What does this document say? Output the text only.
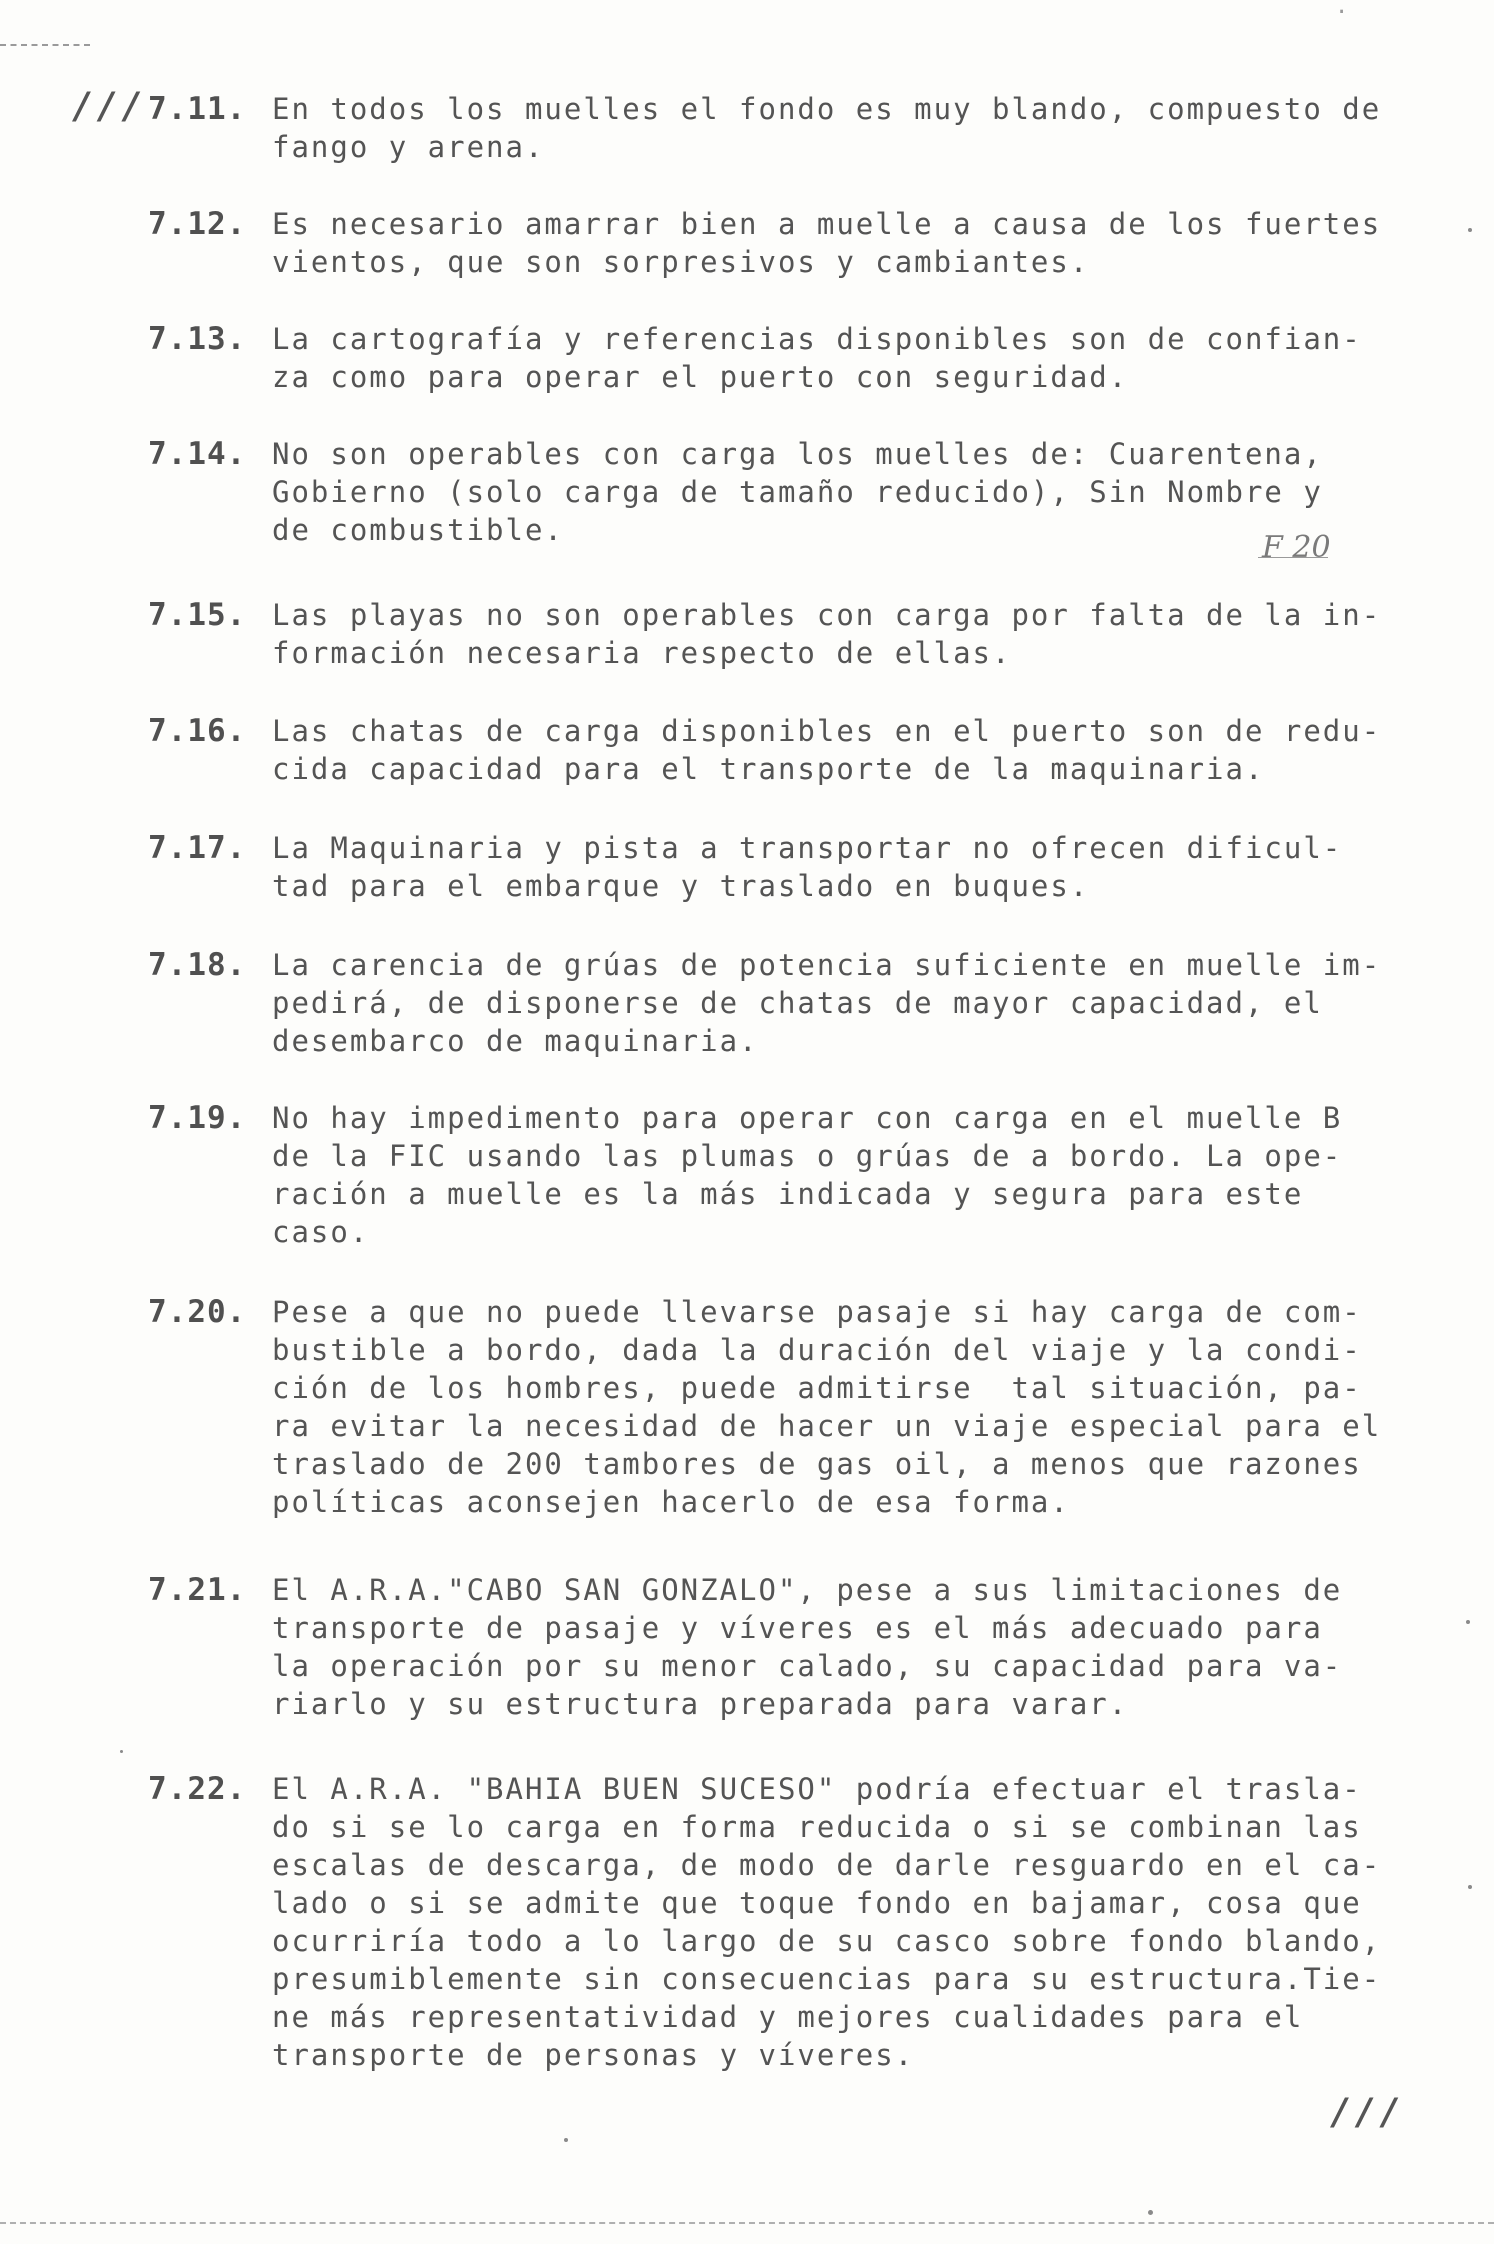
·
/// 7.11. En todos los muelles el fondo es muy blando, compuesto de
fango y arena.
7.12. Es necesario amarrar bien a muelle a causa de los fuertes
vientos, que son sorpresivos y cambiantes.
7.13. La cartografía y referencias disponibles son de confian-
za como para operar el puerto con seguridad.
7.14. No son operables con carga los muelles de: Cuarentena,
Gobierno (solo carga de tamaño reducido), Sin Nombre y
de combustible.	F 20
7.15. Las playas no son operables con carga por falta de la in-
formación necesaria respecto de ellas.
7.16. Las chatas de carga disponibles en el puerto son de redu-
cida capacidad para el transporte de la maquinaria.
7.17. La Maquinaria y pista a transportar no ofrecen dificul-
tad para el embarque y traslado en buques.
7.18. La carencia de grúas de potencia suficiente en muelle im-
pedirá, de disponerse de chatas de mayor capacidad, el
desembarco de maquinaria.
7.19. No hay impedimento para operar con carga en el muelle B
de la FIC usando las plumas o grúas de a bordo. La ope-
ración a muelle es la más indicada y segura para este
caso.
7.20. Pese a que no puede llevarse pasaje si hay carga de com-
bustible a bordo, dada la duración del viaje y la condi-
ción de los hombres, puede admitirse  tal situación, pa-
ra evitar la necesidad de hacer un viaje especial para el
traslado de 200 tambores de gas oil, a menos que razones
políticas aconsejen hacerlo de esa forma.
7.21. El A.R.A."CABO SAN GONZALO", pese a sus limitaciones de
transporte de pasaje y víveres es el más adecuado para
la operación por su menor calado, su capacidad para va-
riarlo y su estructura preparada para varar.
7.22. El A.R.A. "BAHIA BUEN SUCESO" podría efectuar el trasla-
do si se lo carga en forma reducida o si se combinan las
escalas de descarga, de modo de darle resguardo en el ca-
lado o si se admite que toque fondo en bajamar, cosa que
ocurriría todo a lo largo de su casco sobre fondo blando,
presumiblemente sin consecuencias para su estructura.Tie-
ne más representatividad y mejores cualidades para el
transporte de personas y víveres.
///
